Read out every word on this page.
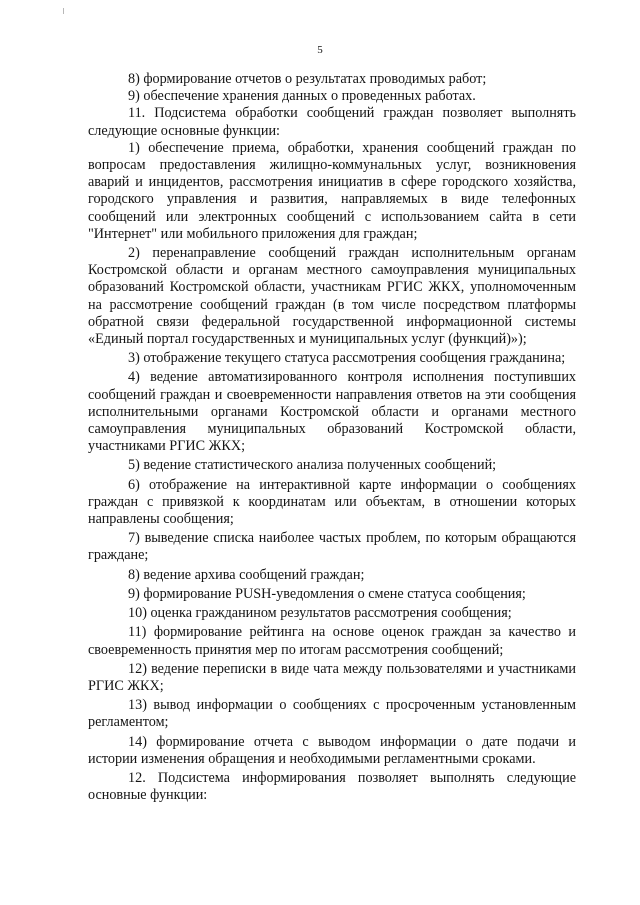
5

8) формирование отчетов о результатах проводимых работ;

9) обеспечение хранения данных о проведенных работах.

11. Подсистема обработки сообщений граждан позволяет выполнять следующие основные функции:

1) обеспечение приема, обработки, хранения сообщений граждан по вопросам предоставления жилищно-коммунальных услуг, возникновения аварий и инцидентов, рассмотрения инициатив в сфере городского хозяйства, городского управления и развития, направляемых в виде телефонных сообщений или электронных сообщений с использованием сайта в сети "Интернет" или мобильного приложения для граждан;

2) перенаправление сообщений граждан исполнительным органам Костромской области и органам местного самоуправления муниципальных образований Костромской области, участникам РГИС ЖКХ, уполномоченным на рассмотрение сообщений граждан (в том числе посредством платформы обратной связи федеральной государственной информационной системы «Единый портал государственных и муниципальных услуг (функций)»);

3) отображение текущего статуса рассмотрения сообщения гражданина;

4) ведение автоматизированного контроля исполнения поступивших сообщений граждан и своевременности направления ответов на эти сообщения исполнительными органами Костромской области и органами местного самоуправления муниципальных образований Костромской области, участниками РГИС ЖКХ;

5) ведение статистического анализа полученных сообщений;

6) отображение на интерактивной карте информации о сообщениях граждан с привязкой к координатам или объектам, в отношении которых направлены сообщения;

7) выведение списка наиболее частых проблем, по которым обращаются граждане;

8) ведение архива сообщений граждан;

9) формирование PUSH-уведомления о смене статуса сообщения;

10) оценка гражданином результатов рассмотрения сообщения;

11) формирование рейтинга на основе оценок граждан за качество и своевременность принятия мер по итогам рассмотрения сообщений;

12) ведение переписки в виде чата между пользователями и участниками РГИС ЖКХ;

13) вывод информации о сообщениях с просроченным установленным регламентом;

14) формирование отчета с выводом информации о дате подачи и истории изменения обращения и необходимыми регламентными сроками.

12. Подсистема информирования позволяет выполнять следующие основные функции:
